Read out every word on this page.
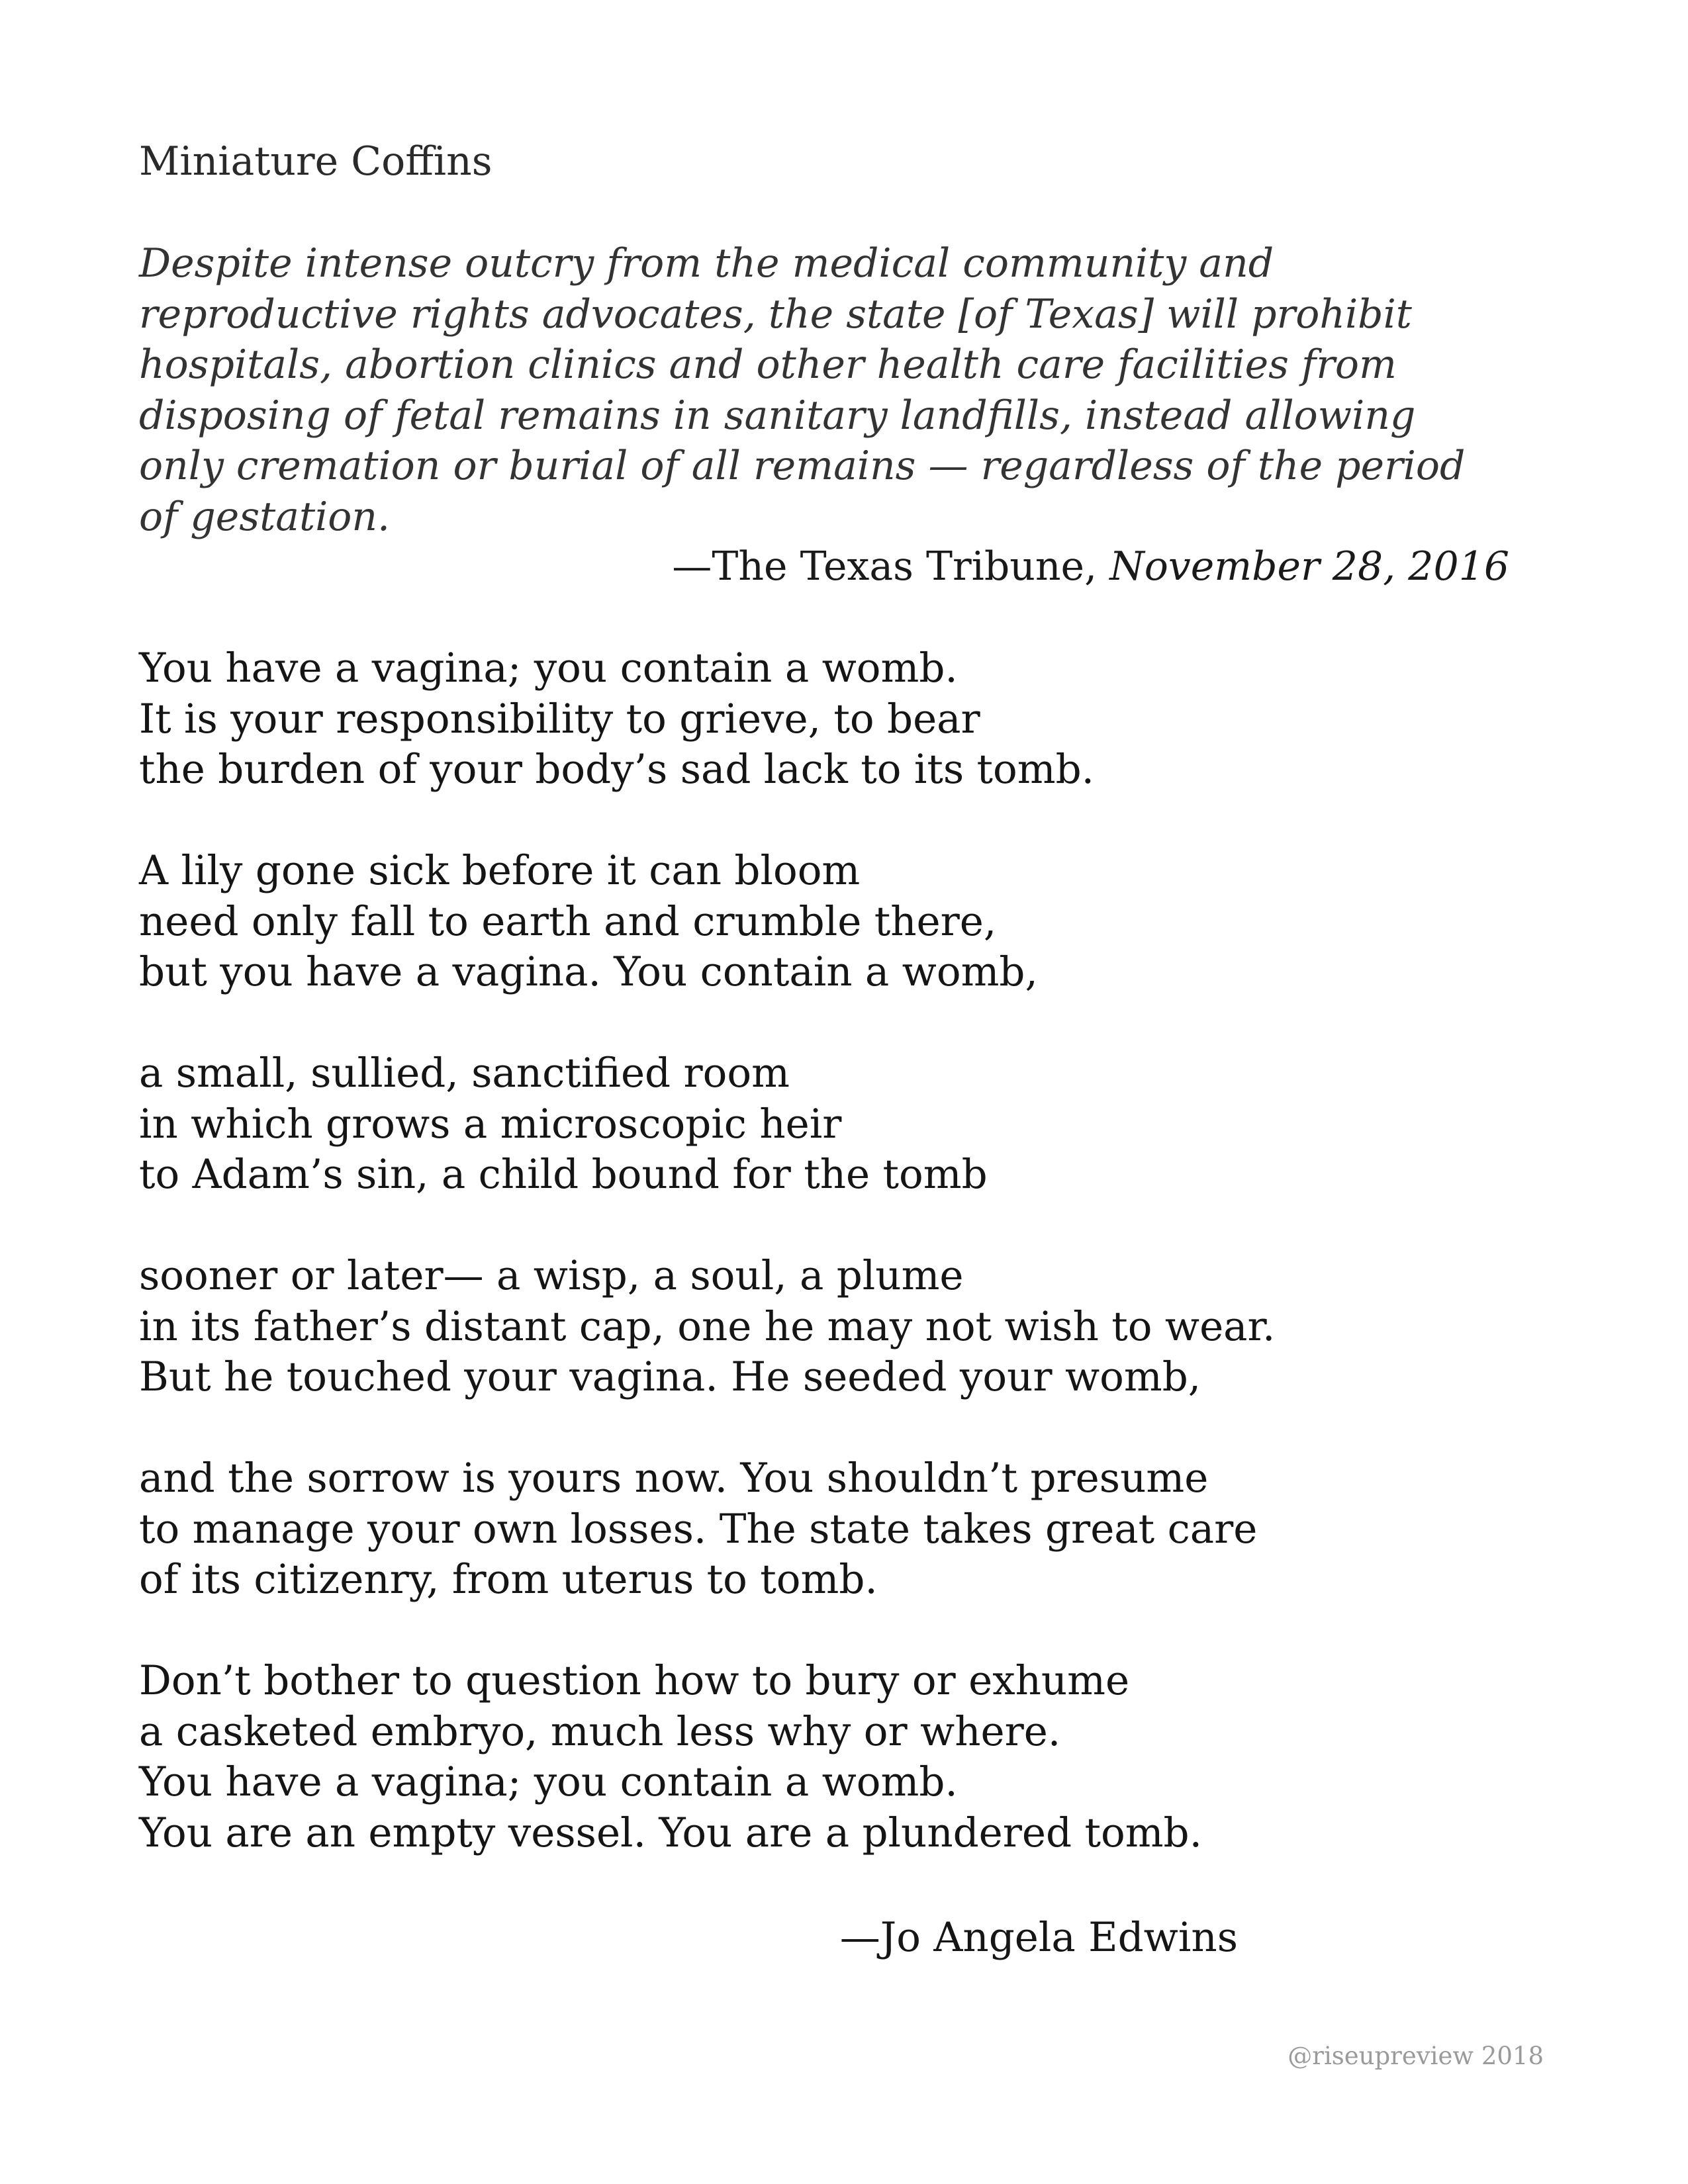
Miniature Coffins
Despite intense outcry from the medical community and
reproductive rights advocates, the state [of Texas] will prohibit
hospitals, abortion clinics and other health care facilities from
disposing of fetal remains in sanitary landfills, instead allowing
only cremation or burial of all remains — regardless of the period
of gestation.
—The Texas Tribune, November 28, 2016
You have a vagina; you contain a womb.
It is your responsibility to grieve, to bear
the burden of your body’s sad lack to its tomb.
A lily gone sick before it can bloom
need only fall to earth and crumble there,
but you have a vagina. You contain a womb,
a small, sullied, sanctified room
in which grows a microscopic heir
to Adam’s sin, a child bound for the tomb
sooner or later— a wisp, a soul, a plume
in its father’s distant cap, one he may not wish to wear.
But he touched your vagina. He seeded your womb,
and the sorrow is yours now. You shouldn’t presume
to manage your own losses. The state takes great care
of its citizenry, from uterus to tomb.
Don’t bother to question how to bury or exhume
a casketed embryo, much less why or where.
You have a vagina; you contain a womb.
You are an empty vessel. You are a plundered tomb.
—Jo Angela Edwins
@riseupreview 2018
